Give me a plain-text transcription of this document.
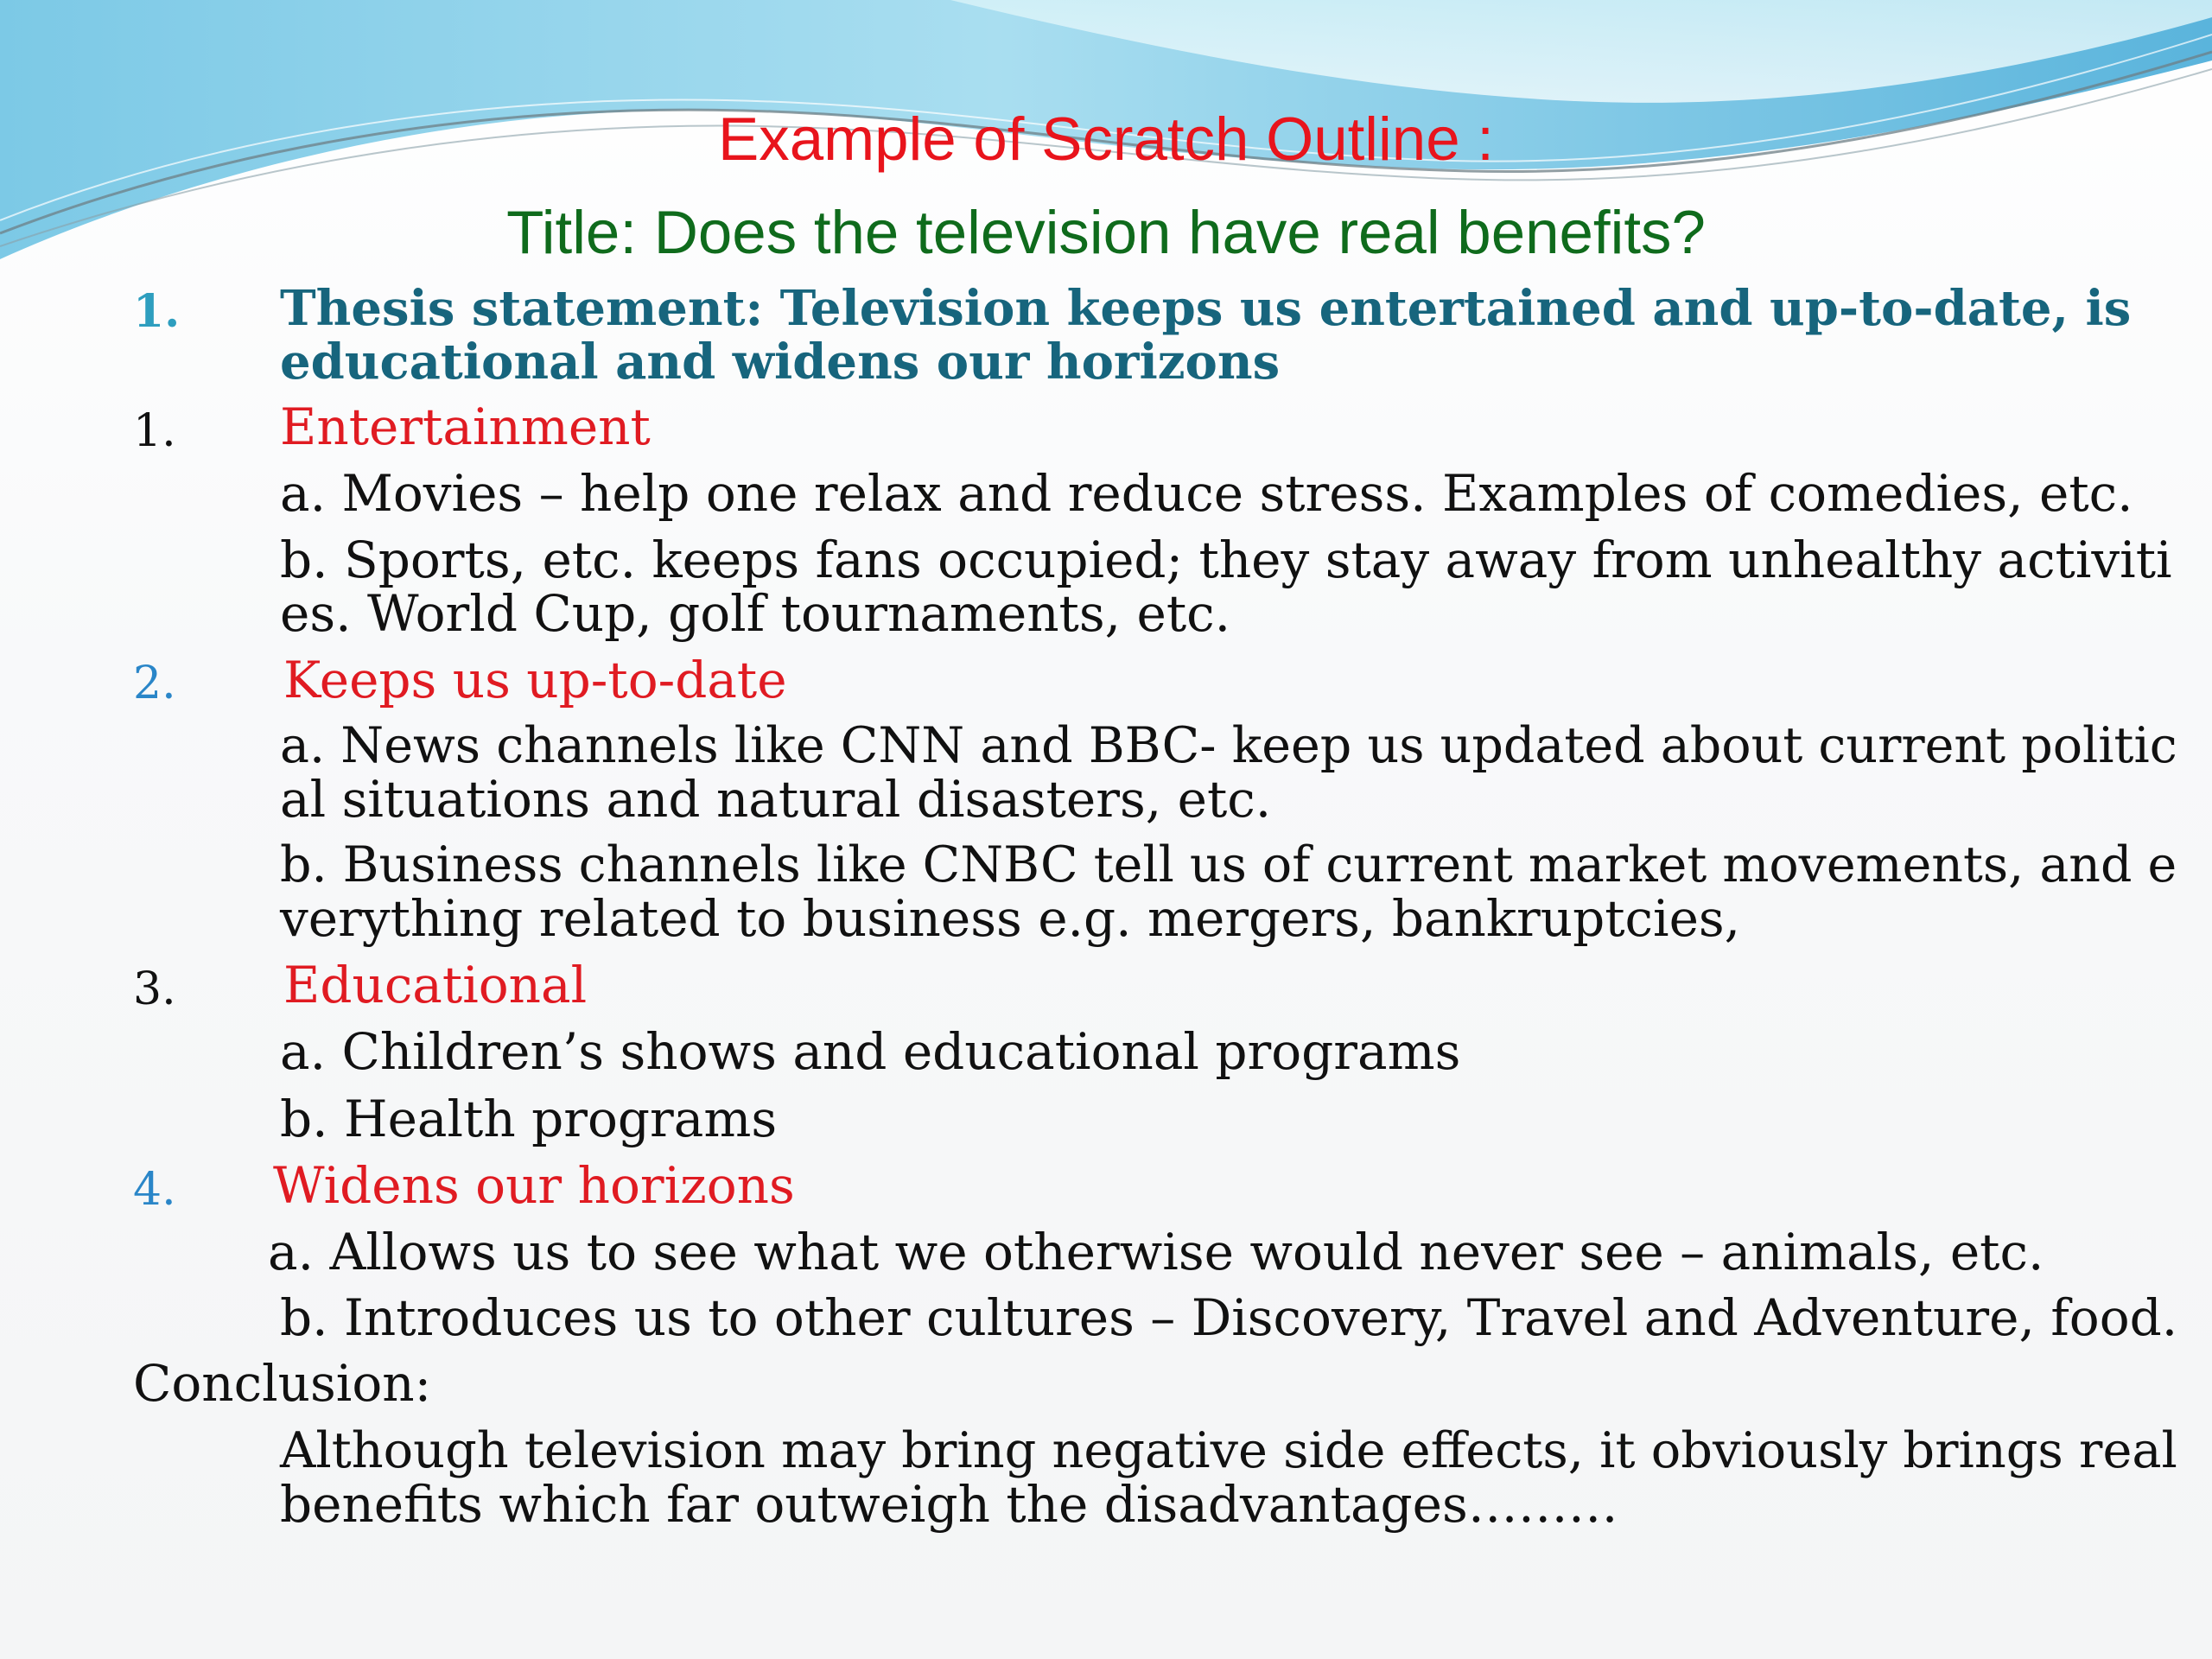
Example of Scratch Outline :
Title: Does the television have real benefits?
1. Thesis statement: Television keeps us entertained and up-to-date, is
educational and widens our horizons
1. Entertainment
a. Movies – help one relax and reduce stress. Examples of comedies, etc.
b. Sports, etc. keeps fans occupied; they stay away from unhealthy activiti
es. World Cup, golf tournaments, etc.
2. Keeps us up-to-date
a. News channels like CNN and BBC- keep us updated about current politic
al situations and natural disasters, etc.
b. Business channels like CNBC tell us of current market movements, and e
verything related to business e.g. mergers, bankruptcies,
3. Educational
a. Children’s shows and educational programs
b. Health programs
4. Widens our horizons
a. Allows us to see what we otherwise would never see – animals, etc.
b. Introduces us to other cultures – Discovery, Travel and Adventure, food.
Conclusion:
Although television may bring negative side effects, it obviously brings real
benefits which far outweigh the disadvantages………
